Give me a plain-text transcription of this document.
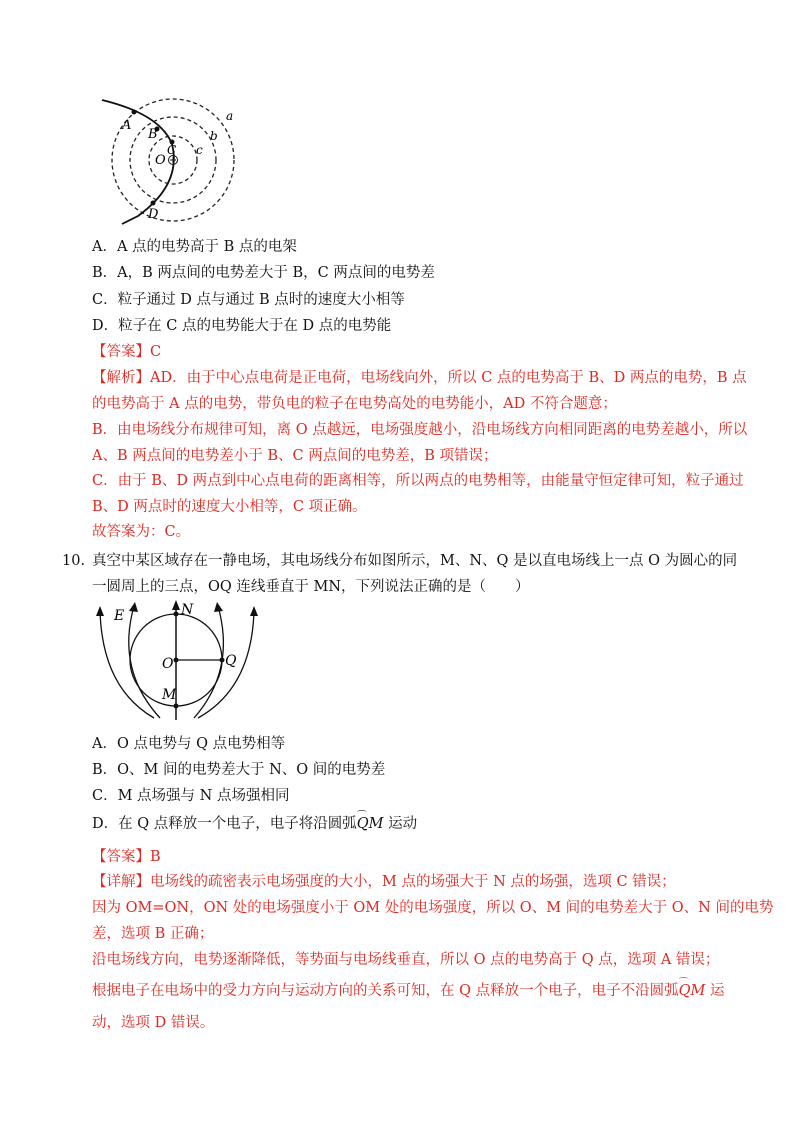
A
B
C
O
D
a
b
c
A．A 点的电势高于 B 点的电架
B．A，B 两点间的电势差大于 B，C 两点间的电势差
C．粒子通过 D 点与通过 B 点时的速度大小相等
D．粒子在 C 点的电势能大于在 D 点的电势能
【答案】C
【解析】AD．由于中心点电荷是正电荷，电场线向外，所以 C 点的电势高于 B、D 两点的电势，B 点
的电势高于 A 点的电势，带负电的粒子在电势高处的电势能小，AD 不符合题意；
B．由电场线分布规律可知，离 O 点越远，电场强度越小，沿电场线方向相同距离的电势差越小，所以
A、B 两点间的电势差小于 B、C 两点间的电势差，B 项错误；
C．由于 B、D 两点到中心点电荷的距离相等，所以两点的电势相等，由能量守恒定律可知，粒子通过
B、D 两点时的速度大小相等，C 项正确。
故答案为：C。
10. 真空中某区域存在一静电场，其电场线分布如图所示，M、N、Q 是以直电场线上一点 O 为圆心的同
一圆周上的三点，OQ 连线垂直于 MN，下列说法正确的是（　　）
E	N
O	Q
M
A．O 点电势与 Q 点电势相等
B．O、M 间的电势差大于 N、O 间的电势差
C．M 点场强与 N 点场强相同
D．在 Q 点释放一个电子，电子将沿圆弧⌒ QM 运动
【答案】B
【详解】电场线的疏密表示电场强度的大小，M 点的场强大于 N 点的场强，选项 C 错误；
因为 OM=ON，ON 处的电场强度小于 OM 处的电场强度，所以 O、M 间的电势差大于 O、N 间的电势
差，选项 B 正确；
沿电场线方向，电势逐渐降低，等势面与电场线垂直，所以 O 点的电势高于 Q 点，选项 A 错误；
根据电子在电场中的受力方向与运动方向的关系可知，在 Q 点释放一个电子，电子不沿圆弧⌒ QM 运
动，选项 D 错误。
